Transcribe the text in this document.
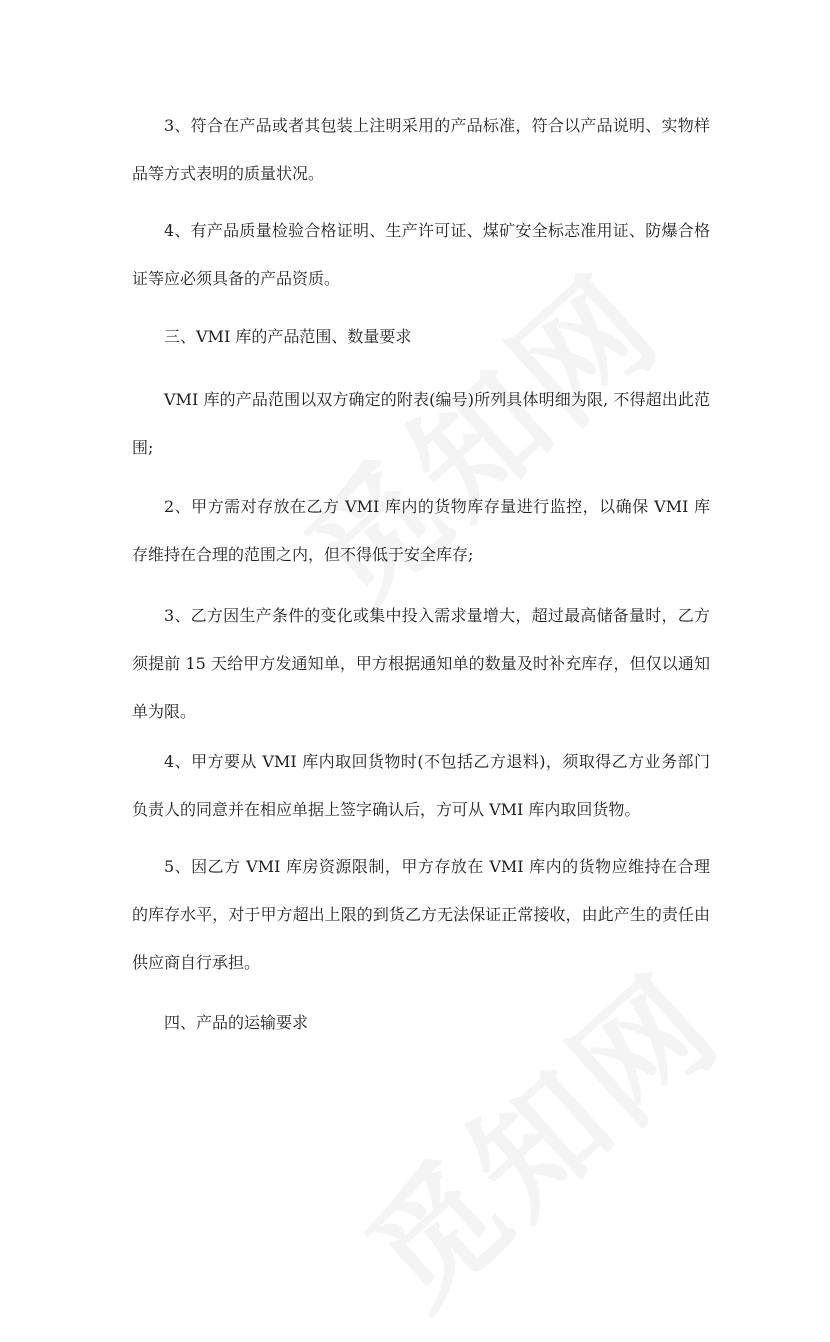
3、符合在产品或者其包装上注明采用的产品标准，符合以产品说明、实物样品等方式表明的质量状况。

4、有产品质量检验合格证明、生产许可证、煤矿安全标志准用证、防爆合格证等应必须具备的产品资质。

三、VMI 库的产品范围、数量要求

VMI 库的产品范围以双方确定的附表(编号)所列具体明细为限, 不得超出此范围;

2、甲方需对存放在乙方 VMI 库内的货物库存量进行监控，以确保 VMI 库存维持在合理的范围之内，但不得低于安全库存;

3、乙方因生产条件的变化或集中投入需求量增大，超过最高储备量时，乙方须提前 15 天给甲方发通知单，甲方根据通知单的数量及时补充库存，但仅以通知单为限。

4、甲方要从 VMI 库内取回货物时(不包括乙方退料)，须取得乙方业务部门负责人的同意并在相应单据上签字确认后，方可从 VMI 库内取回货物。

5、因乙方 VMI 库房资源限制，甲方存放在 VMI 库内的货物应维持在合理的库存水平，对于甲方超出上限的到货乙方无法保证正常接收，由此产生的责任由供应商自行承担。

四、产品的运输要求
